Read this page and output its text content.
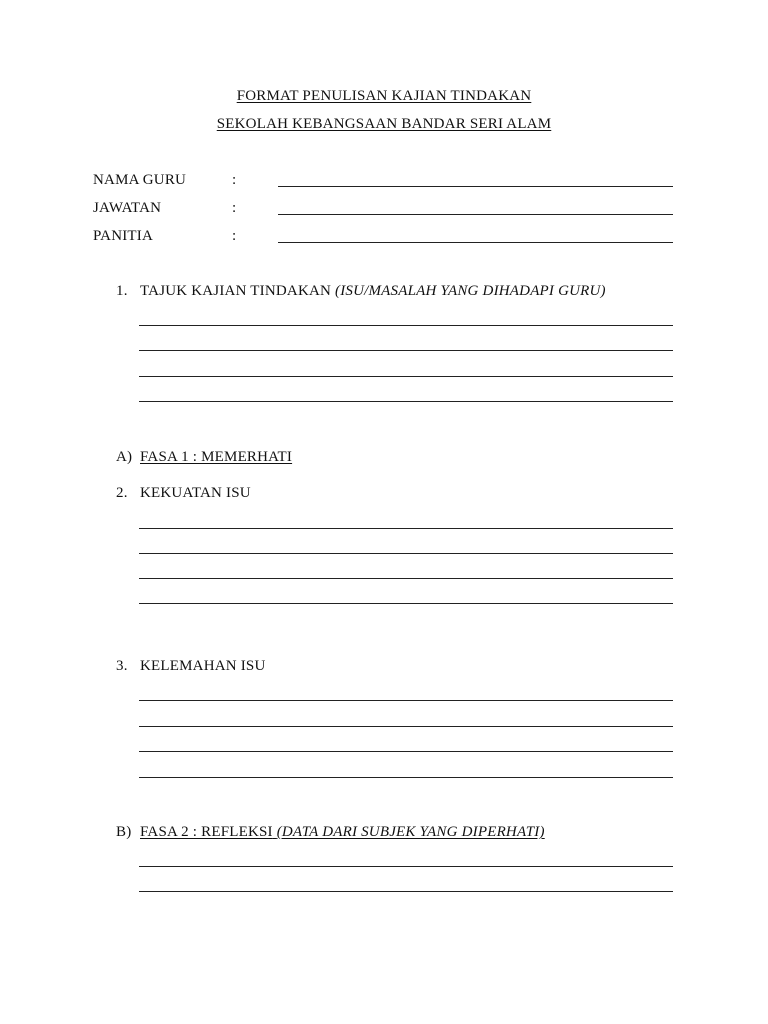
FORMAT PENULISAN KAJIAN TINDAKAN
SEKOLAH KEBANGSAAN BANDAR SERI ALAM
NAMA GURU	:
JAWATAN	:
PANITIA	:
1. TAJUK KAJIAN TINDAKAN (ISU/MASALAH YANG DIHADAPI GURU)
A) FASA 1 : MEMERHATI
2. KEKUATAN ISU
3. KELEMAHAN ISU
B) FASA 2 : REFLEKSI (DATA DARI SUBJEK YANG DIPERHATI)
